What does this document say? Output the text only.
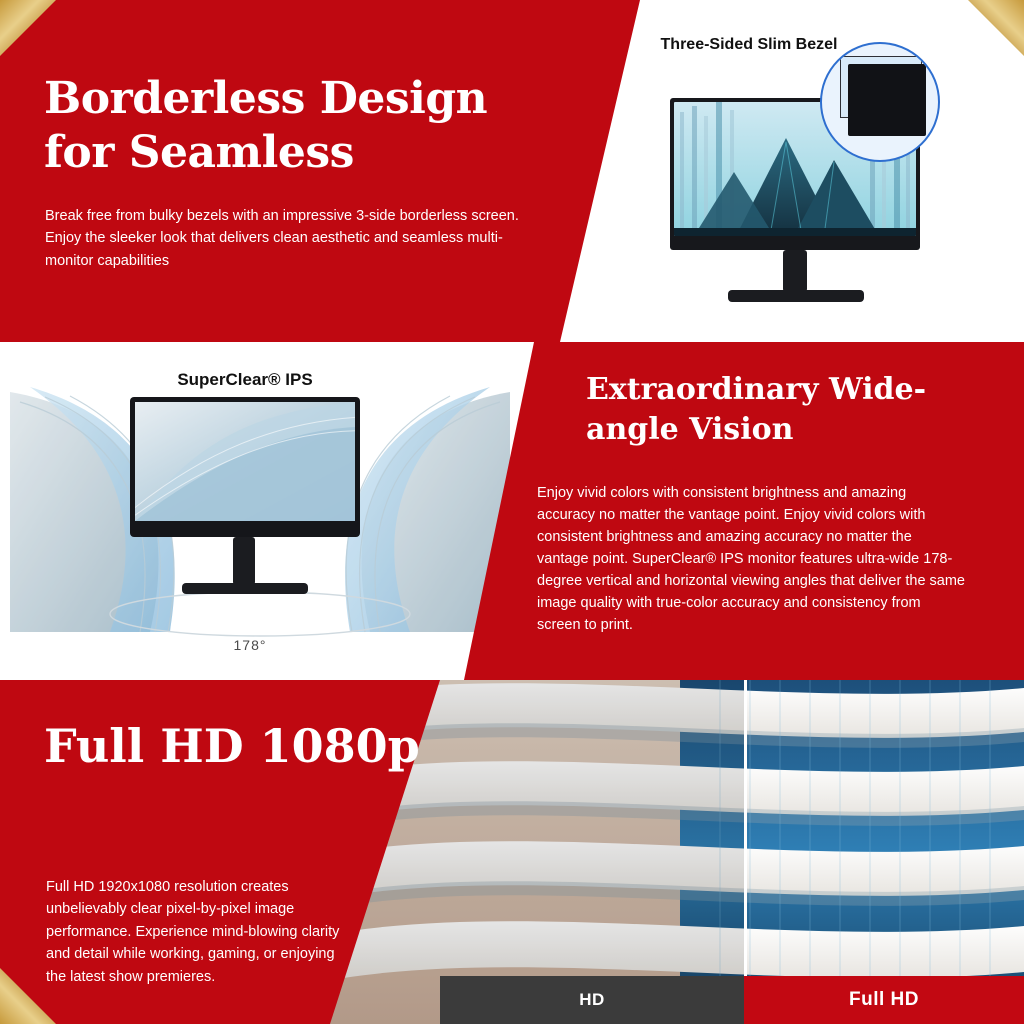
Borderless Design for Seamless

Break free from bulky bezels with an impressive 3-side borderless screen. Enjoy the sleeker look that delivers clean aesthetic and seamless multi-monitor capabilities

Three-Sided Slim Bezel
SuperClear® IPS
178°
Extraordinary Wide-angle Vision

Enjoy vivid colors with consistent brightness and amazing accuracy no matter the vantage point. Enjoy vivid colors with consistent brightness and amazing accuracy no matter the vantage point. SuperClear® IPS monitor features ultra-wide 178-degree vertical and horizontal viewing angles that deliver the same image quality with true-color accuracy and consistency from screen to print.

HD	Full HD
Full HD 1080p

Full HD 1920x1080 resolution creates unbelievably clear pixel-by-pixel image performance. Experience mind-blowing clarity and detail while working, gaming, or enjoying the latest show premieres.
